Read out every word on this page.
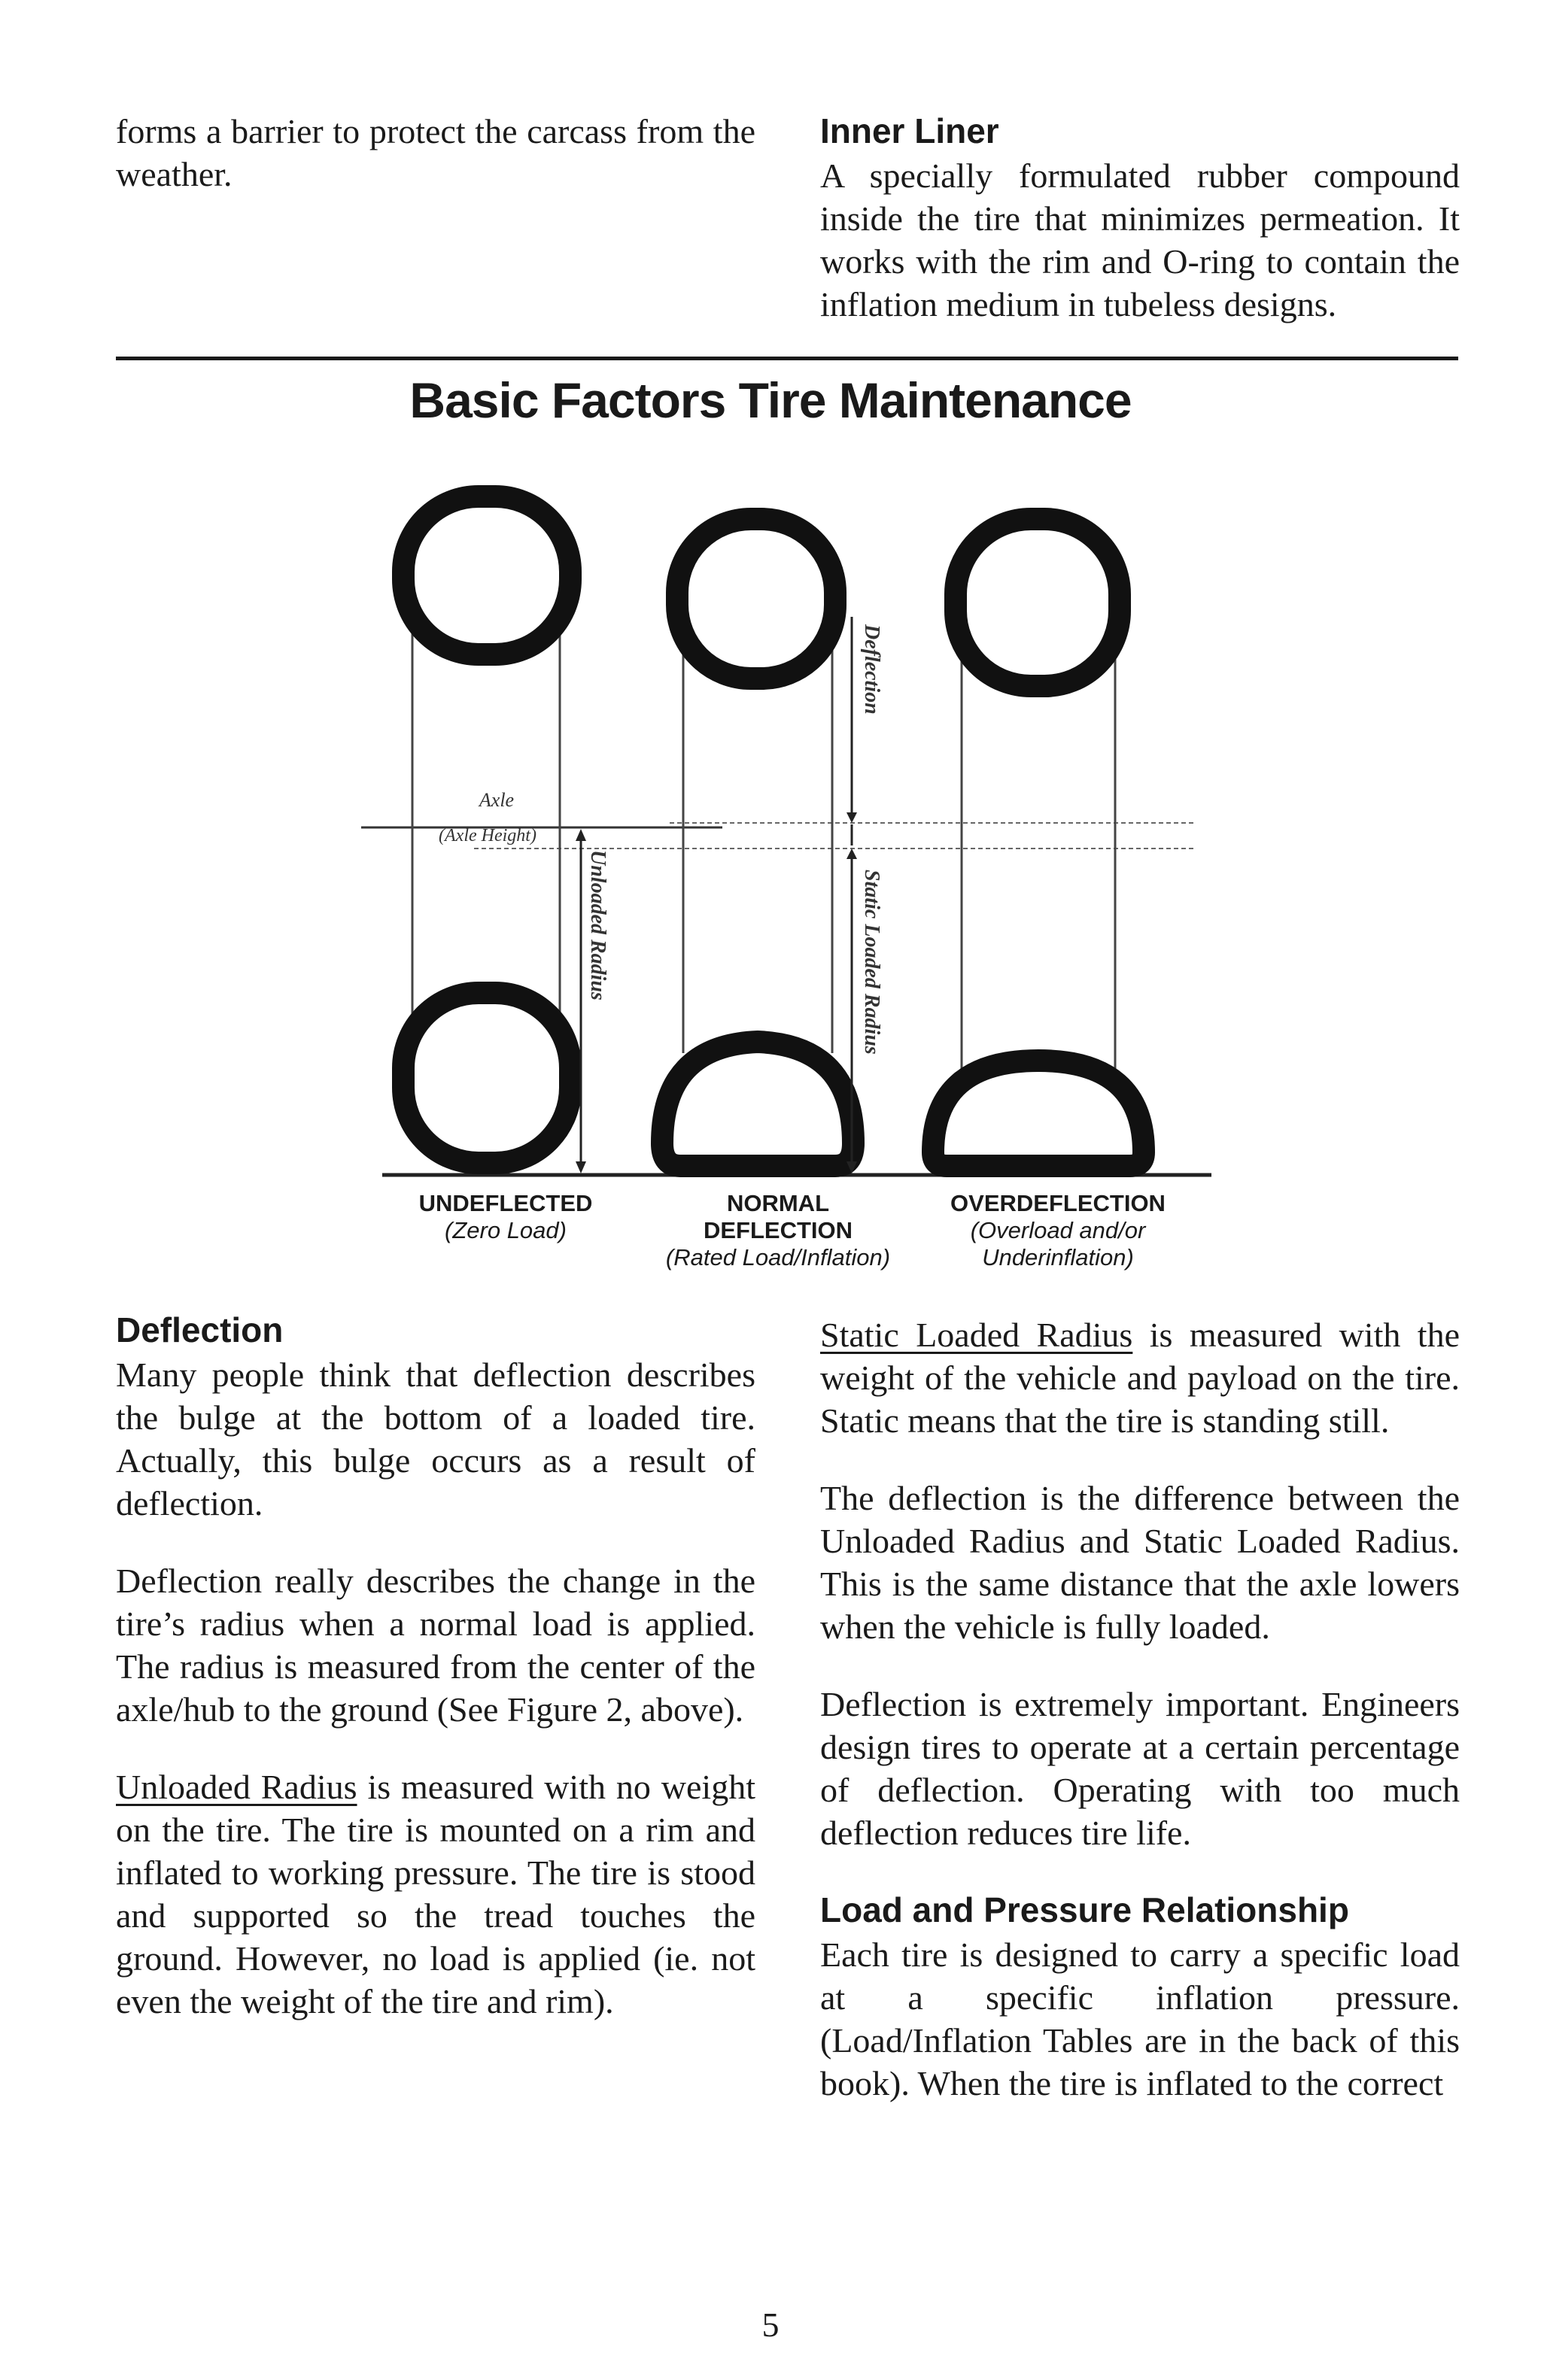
forms a barrier to protect the carcass from the weather.

Inner Liner

A specially formulated rubber compound inside the tire that minimizes permeation. It works with the rim and O-ring to contain the inflation medium in tubeless designs.

Basic Factors Tire Maintenance
Axle
(Axle Height)
Unloaded Radius
Deflection
Static Loaded Radius
UNDEFLECTED
(Zero Load)
NORMAL DEFLECTION
(Rated Load/Inflation)
OVERDEFLECTION
(Overload and/or Underinflation)
Deflection

Many people think that deflection describes the bulge at the bottom of a loaded tire. Actually, this bulge occurs as a result of deflection.

Deflection really describes the change in the tire’s radius when a normal load is applied. The radius is measured from the center of the axle/hub to the ground (See Figure 2, above).

Unloaded Radius is measured with no weight on the tire. The tire is mounted on a rim and inflated to working pressure. The tire is stood and supported so the tread touches the ground. However, no load is applied (ie. not even the weight of the tire and rim).

Static Loaded Radius is measured with the weight of the vehicle and payload on the tire. Static means that the tire is standing still.

The deflection is the difference between the Unloaded Radius and Static Loaded Radius. This is the same distance that the axle lowers when the vehicle is fully loaded.

Deflection is extremely important. Engineers design tires to operate at a certain percentage of deflection. Operating with too much deflection reduces tire life.

Load and Pressure Relationship

Each tire is designed to carry a specific load at a specific inflation pressure. (Load/Inflation Tables are in the back of this book). When the tire is inflated to the correct

5
